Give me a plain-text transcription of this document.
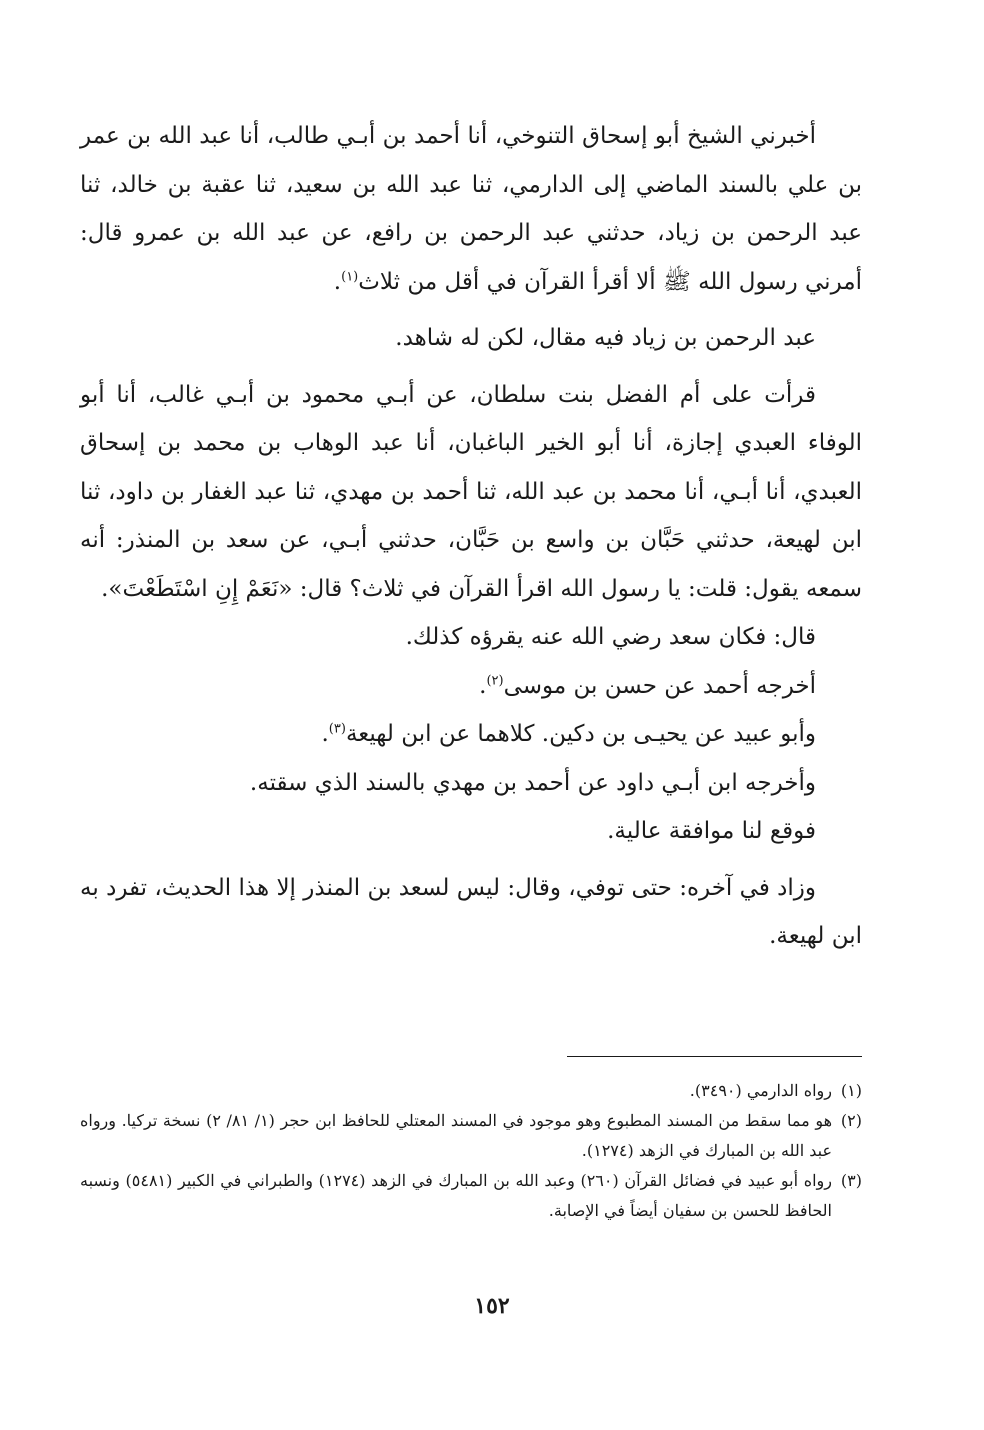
أخبرني الشيخ أبو إسحاق التنوخي، أنا أحمد بن أبـي طالب، أنا عبد الله بن عمر بن علي بالسند الماضي إلى الدارمي، ثنا عبد الله بن سعيد، ثنا عقبة بن خالد، ثنا عبد الرحمن بن زياد، حدثني عبد الرحمن بن رافع، عن عبد الله بن عمرو قال: أمرني رسول الله ﷺ ألا أقرأ القرآن في أقل من ثلاث$^{(١)}$.

عبد الرحمن بن زياد فيه مقال، لكن له شاهد.

قرأت على أم الفضل بنت سلطان، عن أبـي محمود بن أبـي غالب، أنا أبو الوفاء العبدي إجازة، أنا أبو الخير الباغبان، أنا عبد الوهاب بن محمد بن إسحاق العبدي، أنا أبـي، أنا محمد بن عبد الله، ثنا أحمد بن مهدي، ثنا عبد الغفار بن داود، ثنا ابن لهيعة، حدثني حَبَّان بن واسع بن حَبَّان، حدثني أبـي، عن سعد بن المنذر: أنه سمعه يقول: قلت: يا رسول الله اقرأ القرآن في ثلاث؟ قال: «نَعَمْ إِنِ اسْتَطَعْتَ».

قال: فكان سعد رضي الله عنه يقرؤه كذلك.

أخرجه أحمد عن حسن بن موسى$^{(٢)}$.

وأبو عبيد عن يحيـى بن دكين. كلاهما عن ابن لهيعة$^{(٣)}$.

وأخرجه ابن أبـي داود عن أحمد بن مهدي بالسند الذي سقته.

فوقع لنا موافقة عالية.

وزاد في آخره: حتى توفي، وقال: ليس لسعد بن المنذر إلا هذا الحديث، تفرد به ابن لهيعة.

(١)
رواه الدارمي (٣٤٩٠).
(٢)
هو مما سقط من المسند المطبوع وهو موجود في المسند المعتلي للحافظ ابن حجر (١/ ٨١/ ٢) نسخة تركيا. ورواه عبد الله بن المبارك في الزهد (١٢٧٤).
(٣)
رواه أبو عبيد في فضائل القرآن (٢٦٠) وعبد الله بن المبارك في الزهد (١٢٧٤) والطبراني في الكبير (٥٤٨١) ونسبه الحافظ للحسن بن سفيان أيضاً في الإصابة.
١٥٢
